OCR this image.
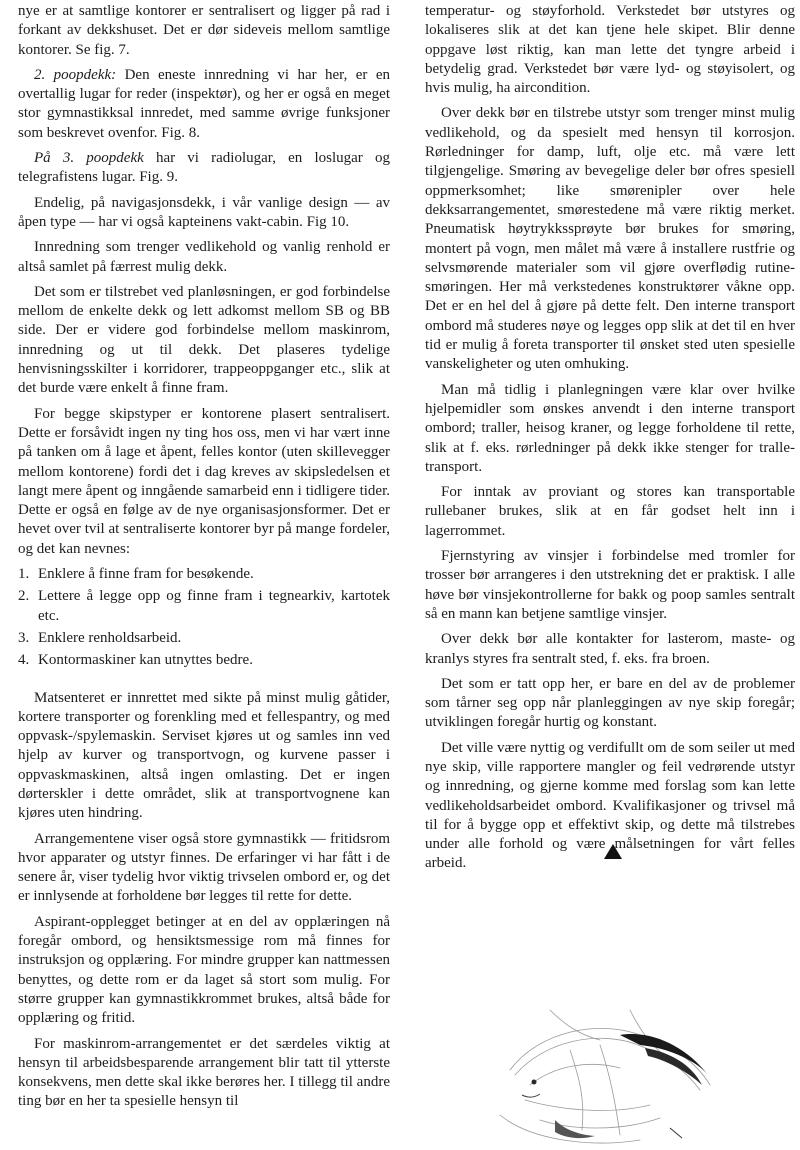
nye er at samtlige kontorer er sentralisert og ligger på rad i forkant av dekkshuset. Det er dør sideveis mellom samtlige kontorer. Se fig. 7.

2. poopdekk: Den eneste innredning vi har her, er en overtallig lugar for reder (inspektør), og her er også en meget stor gymnastikksal innredet, med samme øvrige funksjoner som beskrevet ovenfor. Fig. 8.

På 3. poopdekk har vi radiolugar, en loslugar og telegrafistens lugar. Fig. 9.

Endelig, på navigasjonsdekk, i vår vanlige design — av åpen type — har vi også kapteinens vakt-cabin. Fig 10.

Innredning som trenger vedlikehold og vanlig renhold er altså samlet på færrest mulig dekk.

Det som er tilstrebet ved planløsningen, er god forbindelse mellom de enkelte dekk og lett adkomst mellom SB og BB side. Der er videre god forbindelse mellom maskinrom, innredning og ut til dekk. Det plaseres tydelige henvisningsskilter i korridorer, trappeoppganger etc., slik at det burde være enkelt å finne fram.

For begge skipstyper er kontorene plasert sentralisert. Dette er forsåvidt ingen ny ting hos oss, men vi har vært inne på tanken om å lage et åpent, felles kontor (uten skillevegger mellom kontorene) fordi det i dag kreves av skipsledelsen et langt mere åpent og inngående samarbeid enn i tidligere tider. Dette er også en følge av de nye organisasjonsformer. Det er hevet over tvil at sentraliserte kontorer byr på mange fordeler, og det kan nevnes:

1. Enklere å finne fram for besøkende.
2. Lettere å legge opp og finne fram i tegnearkiv, kartotek etc.
3. Enklere renholdsarbeid.
4. Kontormaskiner kan utnyttes bedre.

Matsenteret er innrettet med sikte på minst mulig gåtider, kortere transporter og forenkling med et fellespantry, og med oppvask-/spylemaskin. Serviset kjøres ut og samles inn ved hjelp av kurver og transportvogn, og kurvene passer i oppvaskmaskinen, altså ingen omlasting. Det er ingen dørterskler i dette området, slik at transportvognene kan kjøres uten hindring.

Arrangementene viser også store gymnastikk — fritidsrom hvor apparater og utstyr finnes. De erfaringer vi har fått i de senere år, viser tydelig hvor viktig trivselen ombord er, og det er innlysende at forholdene bør legges til rette for dette.

Aspirant-opplegget betinger at en del av opplæringen nå foregår ombord, og hensiktsmessige rom må finnes for instruksjon og opplæring. For mindre grupper kan nattmessen benyttes, og dette rom er da laget så stort som mulig. For større grupper kan gymnastikkrommet brukes, altså både for opplæring og fritid.

For maskinrom-arrangementet er det særdeles viktig at hensyn til arbeidsbesparende arrangement blir tatt til ytterste konsekvens, men dette skal ikke berøres her. I tillegg til andre ting bør en her ta spesielle hensyn til

temperatur- og støyforhold. Verkstedet bør utstyres og lokaliseres slik at det kan tjene hele skipet. Blir denne oppgave løst riktig, kan man lette det tyngre arbeid i betydelig grad. Verkstedet bør være lyd- og støyisolert, og hvis mulig, ha aircondition.

Over dekk bør en tilstrebe utstyr som trenger minst mulig vedlikehold, og da spesielt med hensyn til korrosjon. Rørledninger for damp, luft, olje etc. må være lett tilgjengelige. Smøring av bevegelige deler bør ofres spesiell oppmerksomhet; like smørenipler over hele dekksarrangementet, smørestedene må være riktig merket. Pneumatisk høytrykkssprøyte bør brukes for smøring, montert på vogn, men målet må være å installere rustfrie og selvsmørende materialer som vil gjøre overflødig rutine-smøringen. Her må verkstedenes konstruktører våkne opp. Det er en hel del å gjøre på dette felt. Den interne transport ombord må studeres nøye og legges opp slik at det til en hver tid er mulig å foreta transporter til ønsket sted uten spesielle vanskeligheter og uten omhuking.

Man må tidlig i planlegningen være klar over hvilke hjelpemidler som ønskes anvendt i den interne transport ombord; traller, heisog kraner, og legge forholdene til rette, slik at f. eks. rørledninger på dekk ikke stenger for tralle-transport.

For inntak av proviant og stores kan transportable rullebaner brukes, slik at en får godset helt inn i lagerrommet.

Fjernstyring av vinsjer i forbindelse med tromler for trosser bør arrangeres i den utstrekning det er praktisk. I alle høve bør vinsjekontrollerne for bakk og poop samles sentralt så en mann kan betjene samtlige vinsjer.

Over dekk bør alle kontakter for lasterom, maste- og kranlys styres fra sentralt sted, f. eks. fra broen.

Det som er tatt opp her, er bare en del av de problemer som tårner seg opp når planleggingen av nye skip foregår; utviklingen foregår hurtig og konstant.

Det ville være nyttig og verdifullt om de som seiler ut med nye skip, ville rapportere mangler og feil vedrørende utstyr og innredning, og gjerne komme med forslag som kan lette vedlikeholdsarbeidet ombord. Kvalifikasjoner og trivsel må til for å bygge opp et effektivt skip, og dette må tilstrebes under alle forhold og være målsetningen for vårt felles arbeid.
